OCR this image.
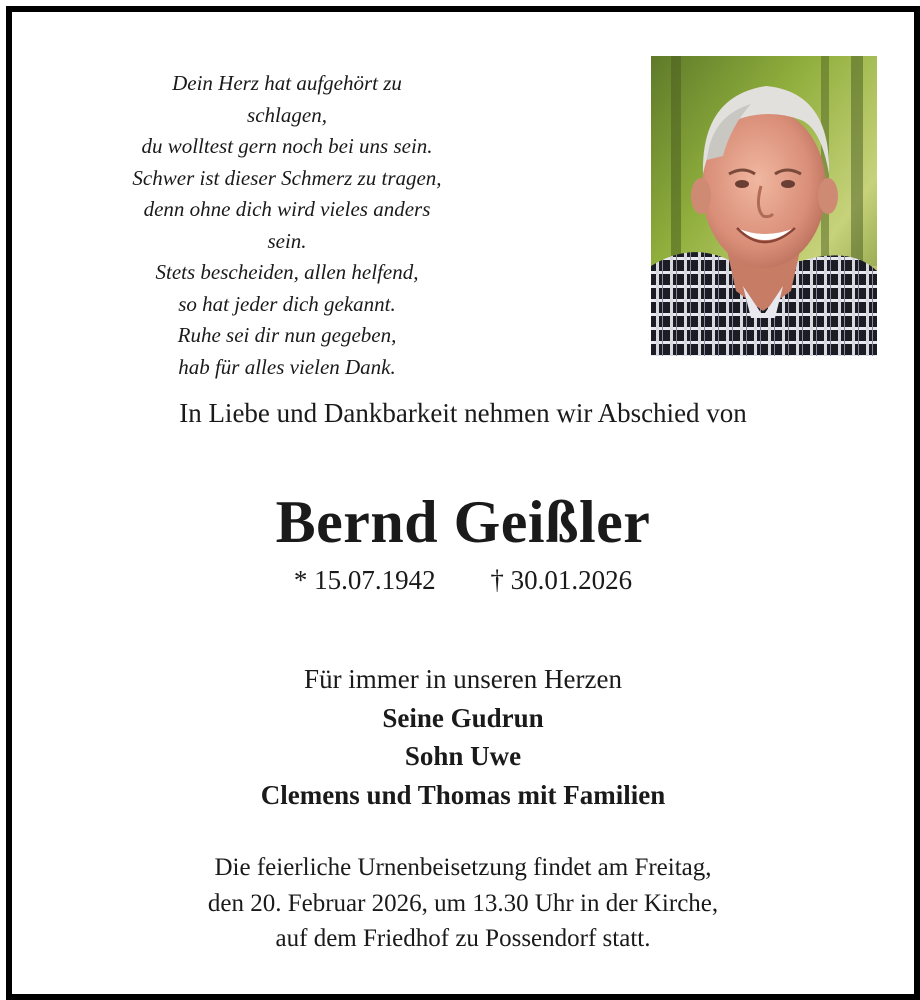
Dein Herz hat aufgehört zu schlagen,
du wolltest gern noch bei uns sein.
Schwer ist dieser Schmerz zu tragen,
denn ohne dich wird vieles anders sein.
Stets bescheiden, allen helfend,
so hat jeder dich gekannt.
Ruhe sei dir nun gegeben,
hab für alles vielen Dank.
In Liebe und Dankbarkeit nehmen wir Abschied von
Bernd Geißler
* 15.07.1942 † 30.01.2026
Für immer in unseren Herzen
Seine Gudrun
Sohn Uwe
Clemens und Thomas mit Familien
Die feierliche Urnenbeisetzung findet am Freitag,
den 20. Februar 2026, um 13.30 Uhr in der Kirche,
auf dem Friedhof zu Possendorf statt.
